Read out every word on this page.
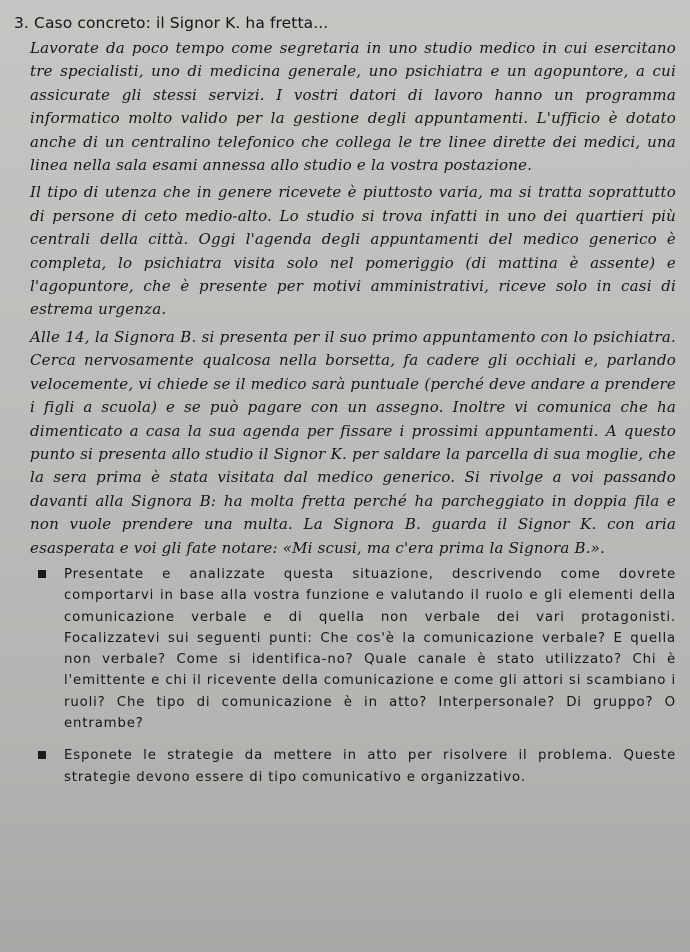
3. Caso concreto: il Signor K. ha fretta...

Lavorate da poco tempo come segretaria in uno studio medico in cui esercitano tre specialisti, uno di medicina generale, uno psichiatra e un agopuntore, a cui assicurate gli stessi servizi. I vostri datori di lavoro hanno un programma informatico molto valido per la gestione degli appuntamenti. L'ufficio è dotato anche di un centralino telefonico che collega le tre linee dirette dei medici, una linea nella sala esami annessa allo studio e la vostra postazione.

Il tipo di utenza che in genere ricevete è piuttosto varia, ma si tratta soprattutto di persone di ceto medio-alto. Lo studio si trova infatti in uno dei quartieri più centrali della città. Oggi l'agenda degli appuntamenti del medico generico è completa, lo psichiatra visita solo nel pomeriggio (di mattina è assente) e l'agopuntore, che è presente per motivi amministrativi, riceve solo in casi di estrema urgenza.

Alle 14, la Signora B. si presenta per il suo primo appuntamento con lo psichiatra. Cerca nervosamente qualcosa nella borsetta, fa cadere gli occhiali e, parlando velocemente, vi chiede se il medico sarà puntuale (perché deve andare a prendere i figli a scuola) e se può pagare con un assegno. Inoltre vi comunica che ha dimenticato a casa la sua agenda per fissare i prossimi appuntamenti. A questo punto si presenta allo studio il Signor K. per saldare la parcella di sua moglie, che la sera prima è stata visitata dal medico generico. Si rivolge a voi passando davanti alla Signora B: ha molta fretta perché ha parcheggiato in doppia fila e non vuole prendere una multa. La Signora B. guarda il Signor K. con aria esasperata e voi gli fate notare: «Mi scusi, ma c'era prima la Signora B.».

Presentate e analizzate questa situazione, descrivendo come dovrete comportarvi in base alla vostra funzione e valutando il ruolo e gli elementi della comunicazione verbale e di quella non verbale dei vari protagonisti. Focalizzatevi sui seguenti punti: Che cos'è la comunicazione verbale? E quella non verbale? Come si identifica-no? Quale canale è stato utilizzato? Chi è l'emittente e chi il ricevente della comunicazione e come gli attori si scambiano i ruoli? Che tipo di comunicazione è in atto? Interpersonale? Di gruppo? O entrambe?
Esponete le strategie da mettere in atto per risolvere il problema. Queste strategie devono essere di tipo comunicativo e organizzativo.
